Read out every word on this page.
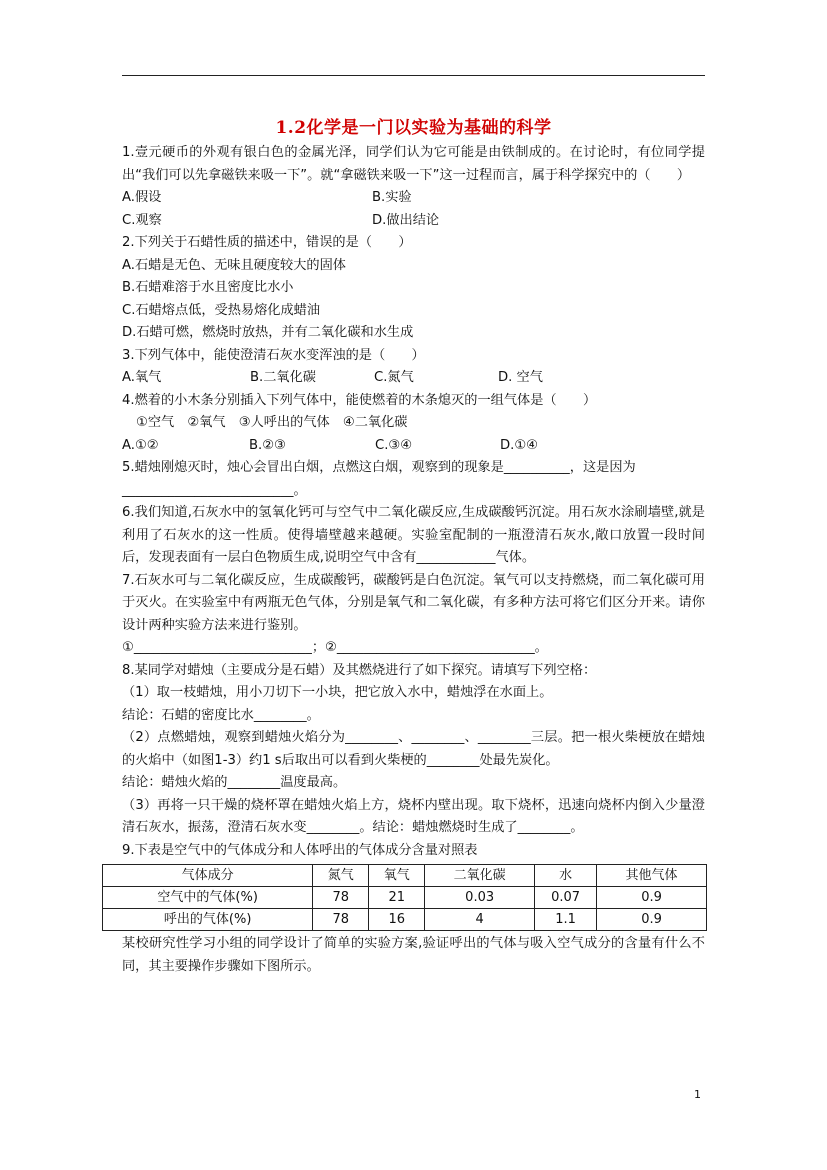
1.2化学是一门以实验为基础的科学

1.壹元硬币的外观有银白色的金属光泽，同学们认为它可能是由铁制成的。在讨论时，有位同学提出“我们可以先拿磁铁来吸一下”。就“拿磁铁来吸一下”这一过程而言，属于科学探究中的（　　）

A.假设	B.实验
C.观察	D.做出结论

2.下列关于石蜡性质的描述中，错误的是（　　）

A.石蜡是无色、无味且硬度较大的固体

B.石蜡难溶于水且密度比水小

C.石蜡熔点低，受热易熔化成蜡油

D.石蜡可燃，燃烧时放热，并有二氧化碳和水生成

3.下列气体中，能使澄清石灰水变浑浊的是（　　）

A.氧气	B.二氧化碳	C.氮气	D. 空气

4.燃着的小木条分别插入下列气体中，能使燃着的木条熄灭的一组气体是（　　）

①空气　②氧气　③人呼出的气体　④二氧化碳

A.①②	B.②③	C.③④	D.①④

5.蜡烛刚熄灭时，烛心会冒出白烟，点燃这白烟，观察到的现象是__________，这是因为

__________________________。

6.我们知道,石灰水中的氢氧化钙可与空气中二氧化碳反应,生成碳酸钙沉淀。用石灰水涂刷墙壁,就是利用了石灰水的这一性质。使得墙壁越来越硬。实验室配制的一瓶澄清石灰水,敞口放置一段时间后，发现表面有一层白色物质生成,说明空气中含有____________气体。

7.石灰水可与二氧化碳反应，生成碳酸钙，碳酸钙是白色沉淀。氧气可以支持燃烧，而二氧化碳可用于灭火。在实验室中有两瓶无色气体，分别是氧气和二氧化碳，有多种方法可将它们区分开来。请你设计两种实验方法来进行鉴别。

①___________________________；②______________________________。

8.某同学对蜡烛（主要成分是石蜡）及其燃烧进行了如下探究。请填写下列空格：

（1）取一枝蜡烛，用小刀切下一小块，把它放入水中，蜡烛浮在水面上。

结论：石蜡的密度比水________。

（2）点燃蜡烛，观察到蜡烛火焰分为________、________、________三层。把一根火柴梗放在蜡烛的火焰中（如图1-3）约1 s后取出可以看到火柴梗的________处最先炭化。

结论：蜡烛火焰的________温度最高。

（3）再将一只干燥的烧杯罩在蜡烛火焰上方，烧杯内壁出现。取下烧杯，迅速向烧杯内倒入少量澄清石灰水，振荡，澄清石灰水变________。结论：蜡烛燃烧时生成了________。

9.下表是空气中的气体成分和人体呼出的气体成分含量对照表

气体成分	氮气	氧气	二氧化碳	水	其他气体
空气中的气体(%)	78	21	0.03	0.07	0.9
呼出的气体(%)	78	16	4	1.1	0.9

某校研究性学习小组的同学设计了简单的实验方案,验证呼出的气体与吸入空气成分的含量有什么不同，其主要操作步骤如下图所示。

1
